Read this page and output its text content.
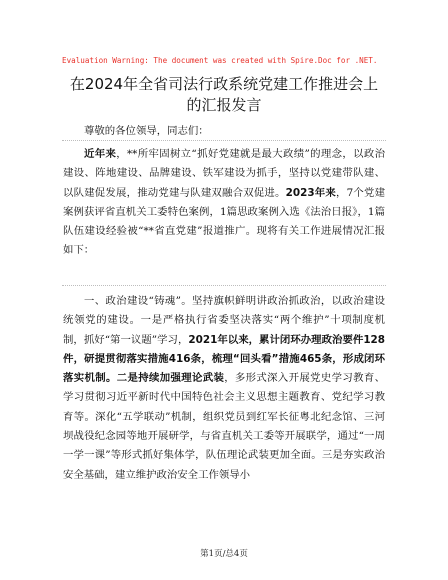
Evaluation Warning: The document was created with Spire.Doc for .NET.
在2024年全省司法行政系统党建工作推进会上
的汇报发言
尊敬的各位领导，同志们：
近年来，**所牢固树立“抓好党建就是最大政绩”的理念，以政治建设、阵地建设、品牌建设、铁军建设为抓手，坚持以党建带队建、以队建促发展，推动党建与队建双融合双促进。2023年来，7个党建案例获评省直机关工委特色案例，1篇思政案例入选《法治日报》，1篇队伍建设经验被“**省直党建”报道推广。现将有关工作进展情况汇报如下：
一、政治建设“铸魂”。坚持旗帜鲜明讲政治抓政治，以政治建设统领党的建设。一是严格执行省委坚决落实“两个维护”十项制度机制，抓好“第一议题”学习，2021年以来，累计闭环办理政治要件128件，研提贯彻落实措施416条，梳理“回头看”措施465条，形成闭环落实机制。二是持续加强理论武装，多形式深入开展党史学习教育、学习贯彻习近平新时代中国特色社会主义思想主题教育、党纪学习教育等。深化“五学联动”机制，组织党员到红军长征粤北纪念馆、三河坝战役纪念园等地开展研学，与省直机关工委等开展联学，通过“一周一学一课”等形式抓好集体学，队伍理论武装更加全面。三是夯实政治安全基础，建立维护政治安全工作领导小
第1页/总4页
